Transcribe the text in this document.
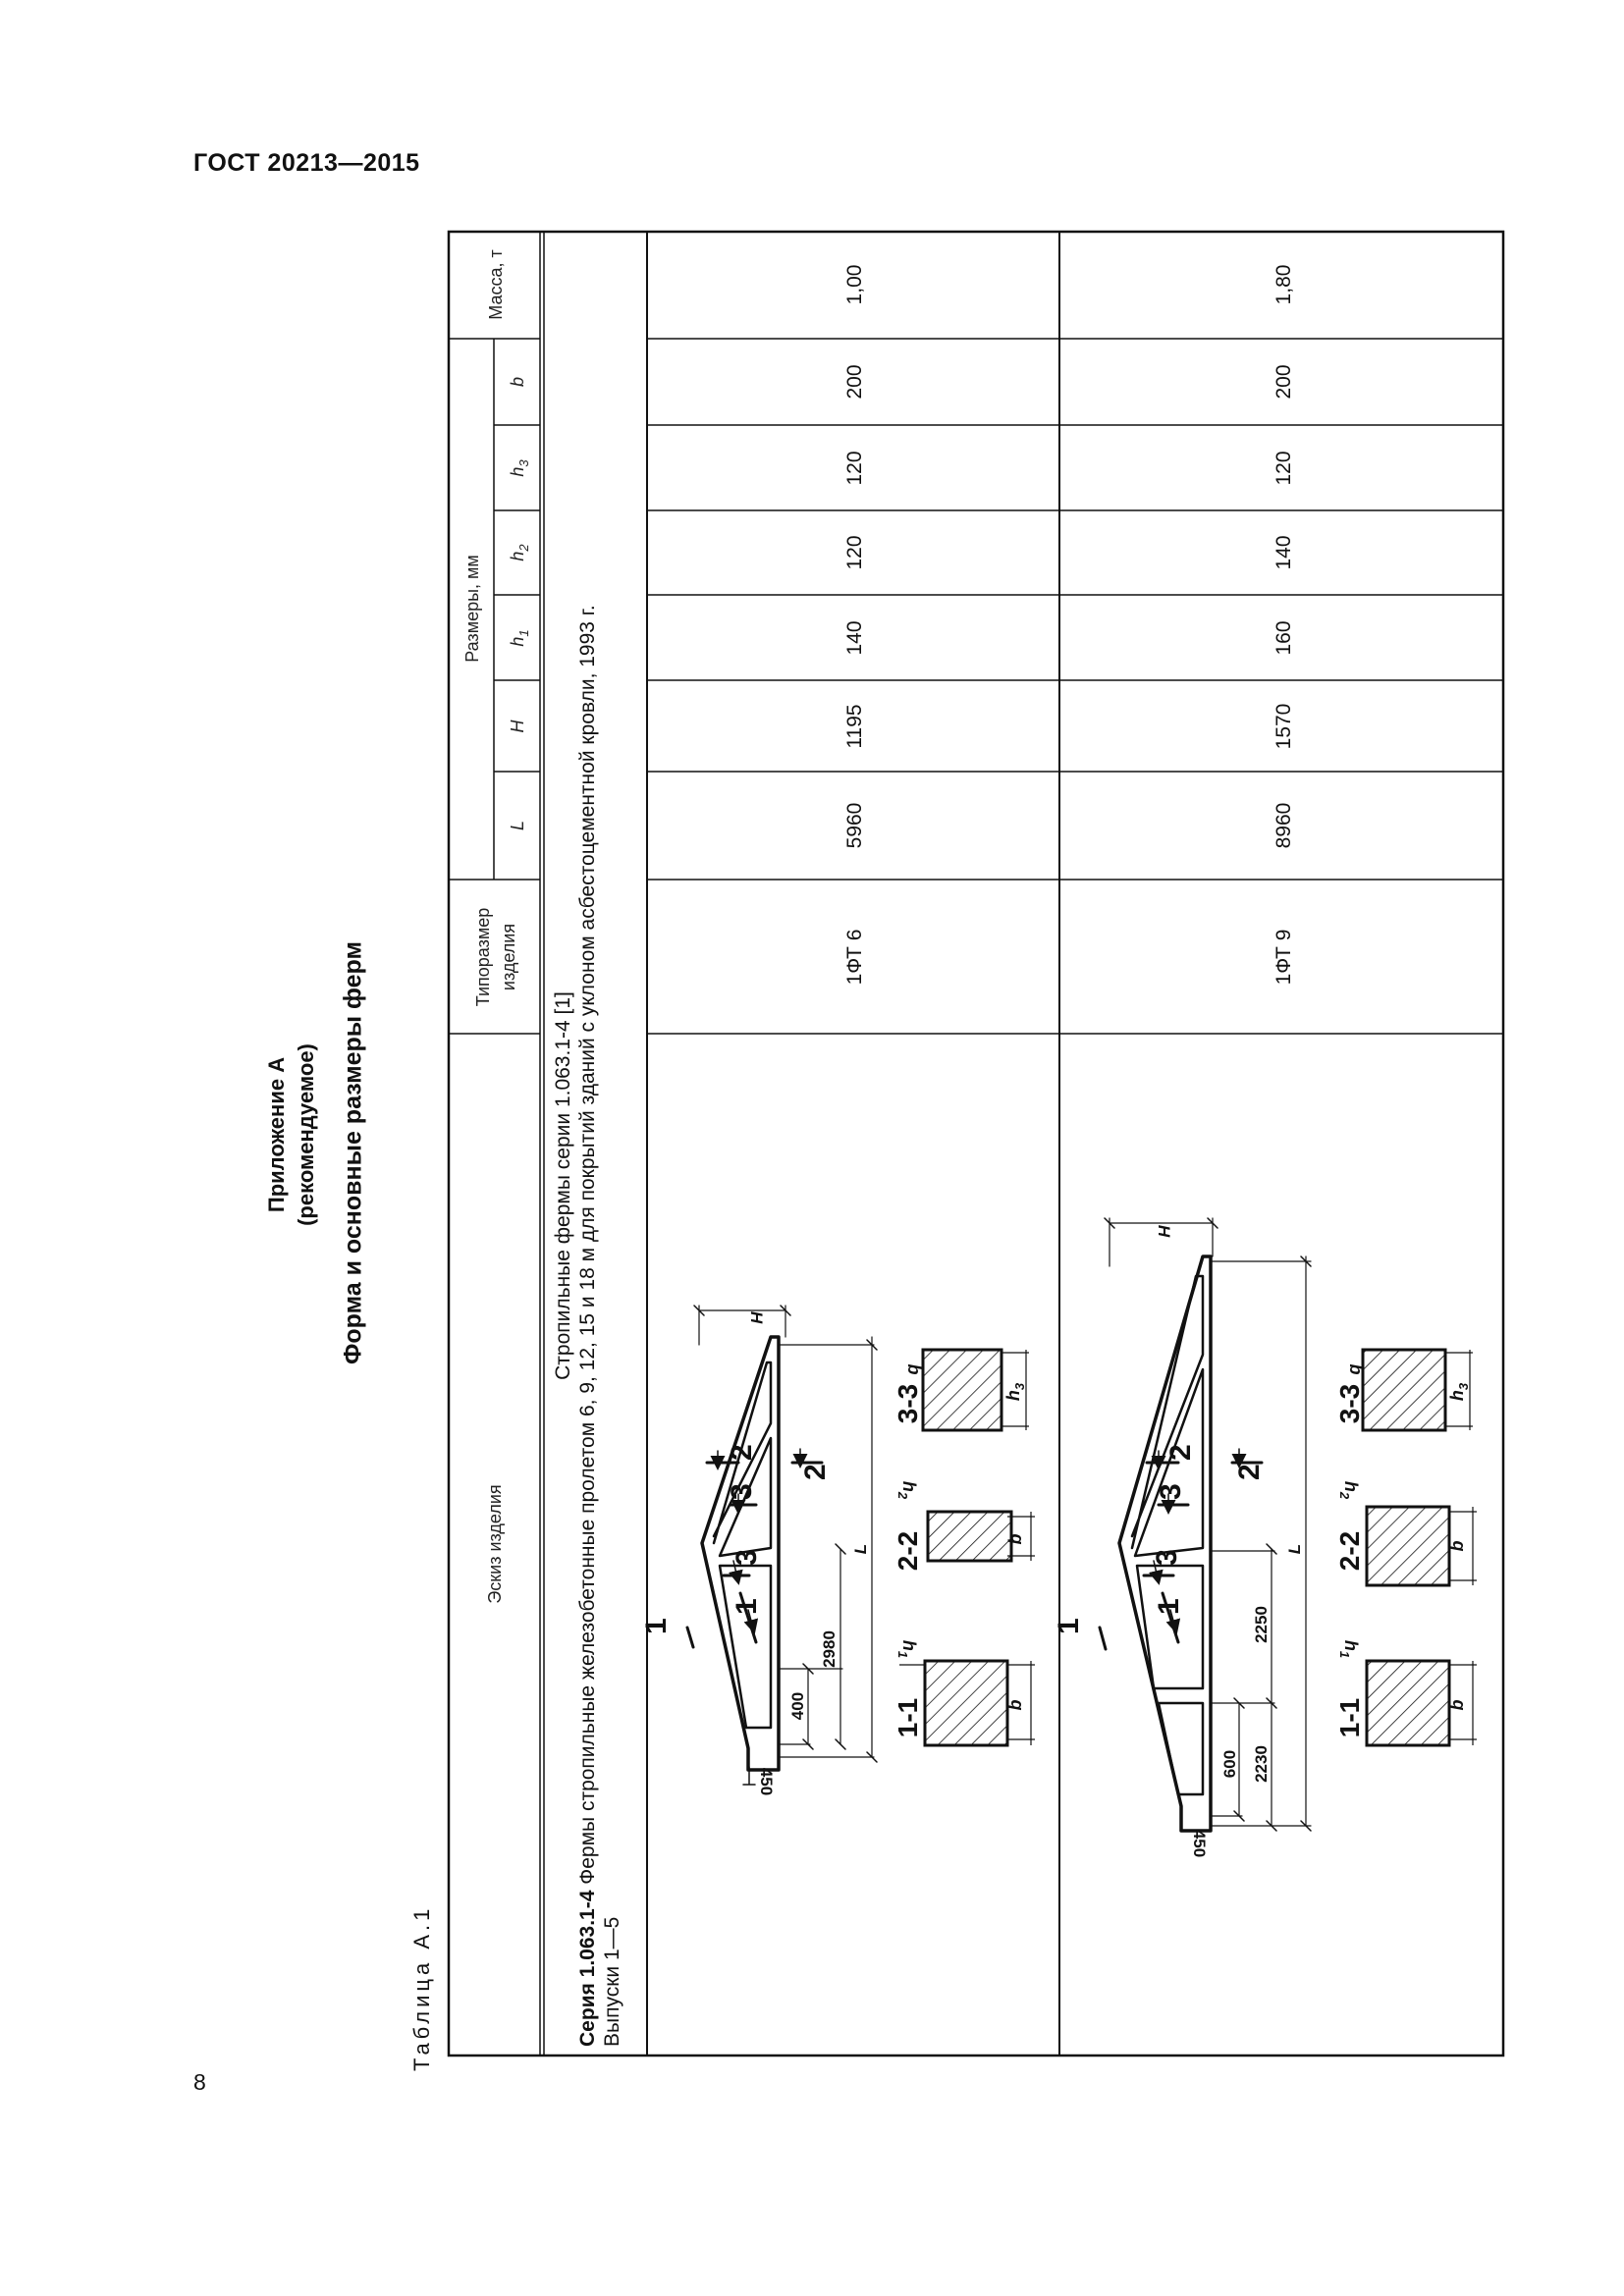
ГОСТ 20213—2015
8
Приложение А (рекомендуемое) Форма и основные размеры ферм
Таблица А.1
Эскиз изделия
Типоразмер изделия
Размеры, мм
Масса, т
L
H
$h_1$
$h_2$
$h_3$
b
Серия 1.063.1-4 Фермы стропильные железобетонные пролетом 6, 9, 12, 15 и 18 м для покрытий зданий с уклоном асбестоцементной кровли, 1993 г.
Выпуски 1—5
Стропильные фермы серии 1.063.1-4 [1]
1ФТ 6
5960
1195
140
120
120
200
1,00
1ФТ 9
8960
1570
160
140
120
200
1,80
450
400
2980
L
H
1
1
3
3
2
2
1-1
2-2
3-3
b
$h_1$
b
$h_2$
b
$h_3$
450
600 2230
2250
L
H
1
1
3
3
2
2
1-1
2-2
3-3
b
$h_1$
b
$h_2$
b
$h_3$
